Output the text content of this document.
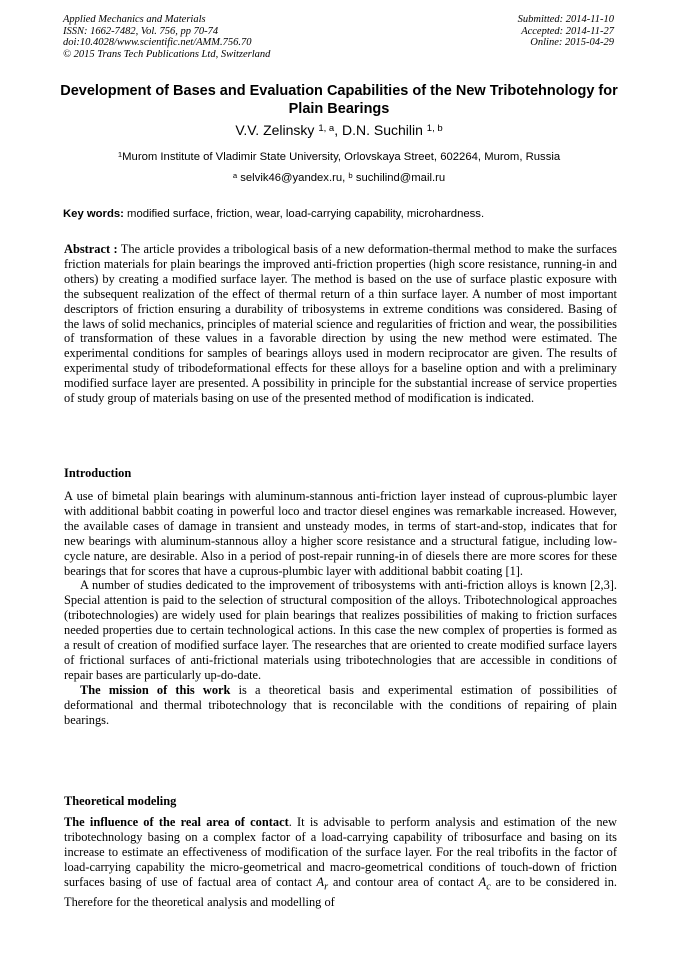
Applied Mechanics and Materials
ISSN: 1662-7482, Vol. 756, pp 70-74
doi:10.4028/www.scientific.net/AMM.756.70
© 2015 Trans Tech Publications Ltd, Switzerland
Submitted: 2014-11-10
Accepted: 2014-11-27
Online: 2015-04-29
Development of Bases and Evaluation Capabilities of the New Tribotehnology for Plain Bearings
V.V. Zelinsky $^{1, a}$, D.N. Suchilin $^{1, b}$
$^1$Murom Institute of Vladimir State University, Orlovskaya Street, 602264, Murom, Russia
$^a$ selvik46@yandex.ru, $^b$ suchilind@mail.ru
Key words: modified surface, friction, wear, load-carrying capability, microhardness.
Abstract : The article provides a tribological basis of a new deformation-thermal method to make the surfaces friction materials for plain bearings the improved anti-friction properties (high score resistance, running-in and others) by creating a modified surface layer. The method is based on the use of surface plastic exposure with the subsequent realization of the effect of thermal return of a thin surface layer. A number of most important descriptors of friction ensuring a durability of tribosystems in extreme conditions was considered. Basing of the laws of solid mechanics, principles of material science and regularities of friction and wear, the possibilities of transformation of these values in a favorable direction by using the new method were estimated. The experimental conditions for samples of bearings alloys used in modern reciprocator are given. The results of experimental study of tribodeformational effects for these alloys for a baseline option and with a preliminary modified surface layer are presented. A possibility in principle for the substantial increase of service properties of study group of materials basing on use of the presented method of modification is indicated.
Introduction

A use of bimetal plain bearings with aluminum-stannous anti-friction layer instead of cuprous-plumbic layer with additional babbit coating in powerful loco and tractor diesel engines was remarkable increased. However, the available cases of damage in transient and unsteady modes, in terms of start-and-stop, indicates that for new bearings with aluminum-stannous alloy a higher score resistance and a structural fatigue, including low-cycle nature, are desirable. Also in a period of post-repair running-in of diesels there are more scores for these bearings that for scores that have a cuprous-plumbic layer with additional babbit coating [1].

A number of studies dedicated to the improvement of tribosystems with anti-friction alloys is known [2,3]. Special attention is paid to the selection of structural composition of the alloys. Tribotechnological approaches (tribotechnologies) are widely used for plain bearings that realizes possibilities of making to friction surfaces needed properties due to certain technological actions. In this case the new complex of properties is formed as a result of creation of modified surface layer. The researches that are oriented to create modified surface layers of frictional surfaces of anti-frictional materials using tribotechnologies that are accessible in conditions of repair bases are particularly up-do-date.

The mission of this work is a theoretical basis and experimental estimation of possibilities of deformational and thermal tribotechnology that is reconcilable with the conditions of repairing of plain bearings.

Theoretical modeling

The influence of the real area of contact. It is advisable to perform analysis and estimation of the new tribotechnology basing on a complex factor of a load-carrying capability of tribosurface and basing on its increase to estimate an effectiveness of modification of the surface layer. For the real tribofits in the factor of load-carrying capability the micro-geometrical and macro-geometrical conditions of touch-down of friction surfaces basing of use of factual area of contact $A_r$ and contour area of contact $A_c$ are to be considered in. Therefore for the theoretical analysis and modelling of
